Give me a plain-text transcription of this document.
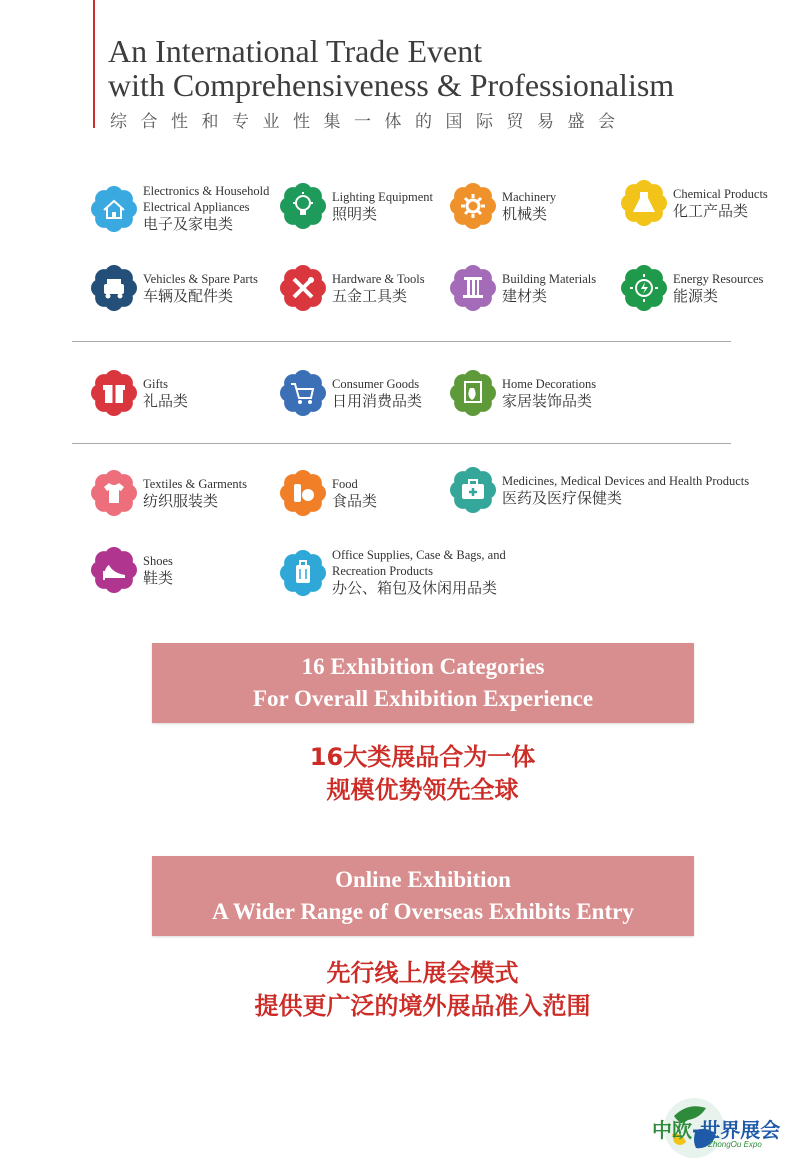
An International Trade Event
with Comprehensiveness & Professionalism
综合性和专业性集一体的国际贸易盛会
Electronics & Household
Electrical Appliances
电子及家电类
Lighting Equipment
照明类
Machinery
机械类
Chemical Products
化工产品类
Vehicles & Spare Parts
车辆及配件类
Hardware & Tools
五金工具类
Building Materials
建材类
Energy Resources
能源类
Gifts
礼品类
Consumer Goods
日用消费品类
Home Decorations
家居装饰品类
Textiles & Garments
纺织服装类
Food
食品类
Medicines, Medical Devices and Health Products
医药及医疗保健类
Shoes
鞋类
Office Supplies, Case & Bags, and
Recreation Products
办公、箱包及休闲用品类
16 Exhibition Categories
For Overall Exhibition Experience
16大类展品合为一体
规模优势领先全球
Online Exhibition
A Wider Range of Overseas Exhibits Entry
先行线上展会模式
提供更广泛的境外展品准入范围
中欧-世界展会
ZhongOu Expo
